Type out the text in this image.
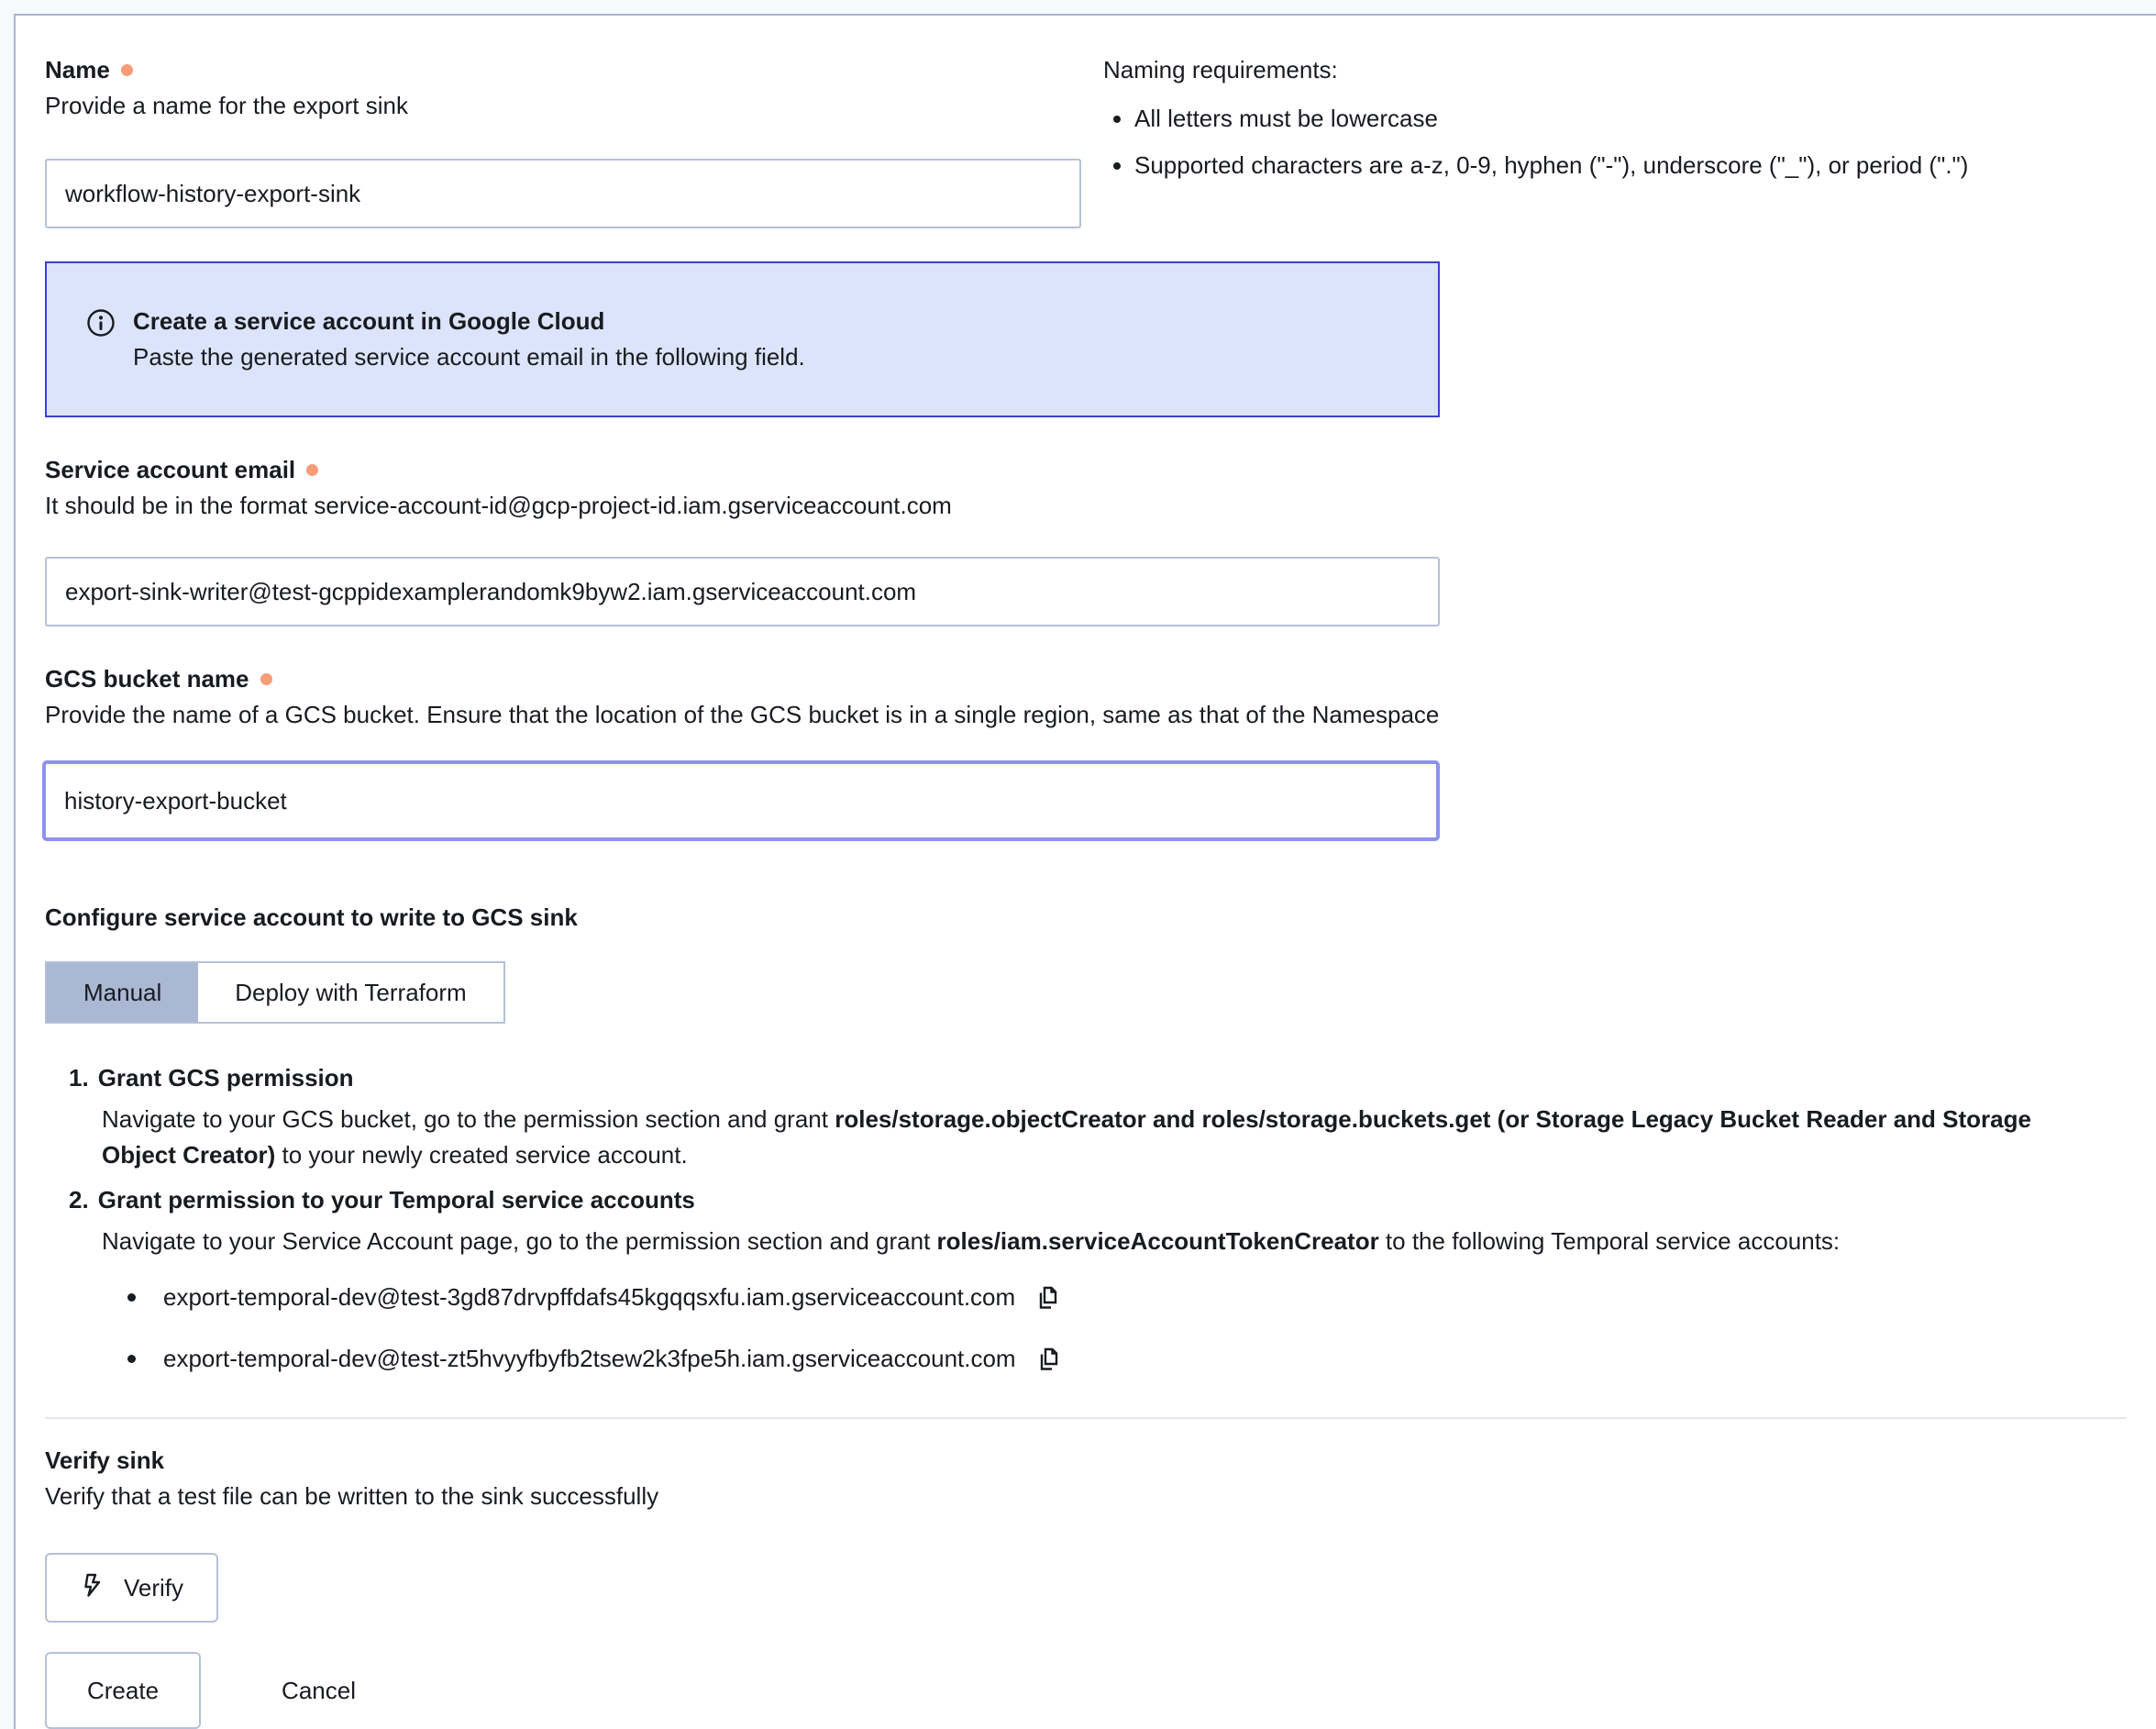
Name
Provide a name for the export sink
workflow-history-export-sink
Naming requirements:
• All letters must be lowercase
• Supported characters are a-z, 0-9, hyphen ("-"), underscore ("_"), or period (".")
Create a service account in Google Cloud
Paste the generated service account email in the following field.
Service account email
It should be in the format service-account-id@gcp-project-id.iam.gserviceaccount.com
export-sink-writer@test-gcppidexamplerandomk9byw2.iam.gserviceaccount.com
GCS bucket name
Provide the name of a GCS bucket. Ensure that the location of the GCS bucket is in a single region, same as that of the Namespace
history-export-bucket
Configure service account to write to GCS sink
Manual	Deploy with Terraform
1. Grant GCS permission

Navigate to your GCS bucket, go to the permission section and grant roles/storage.objectCreator and roles/storage.buckets.get (or Storage Legacy Bucket Reader and Storage Object Creator) to your newly created service account.

2. Grant permission to your Temporal service accounts

Navigate to your Service Account page, go to the permission section and grant roles/iam.serviceAccountTokenCreator to the following Temporal service accounts:

export-temporal-dev@test-3gd87drvpffdafs45kgqqsxfu.iam.gserviceaccount.com
export-temporal-dev@test-zt5hvyyfbyfb2tsew2k3fpe5h.iam.gserviceaccount.com
Verify sink
Verify that a test file can be written to the sink successfully
Verify
Create	Cancel
